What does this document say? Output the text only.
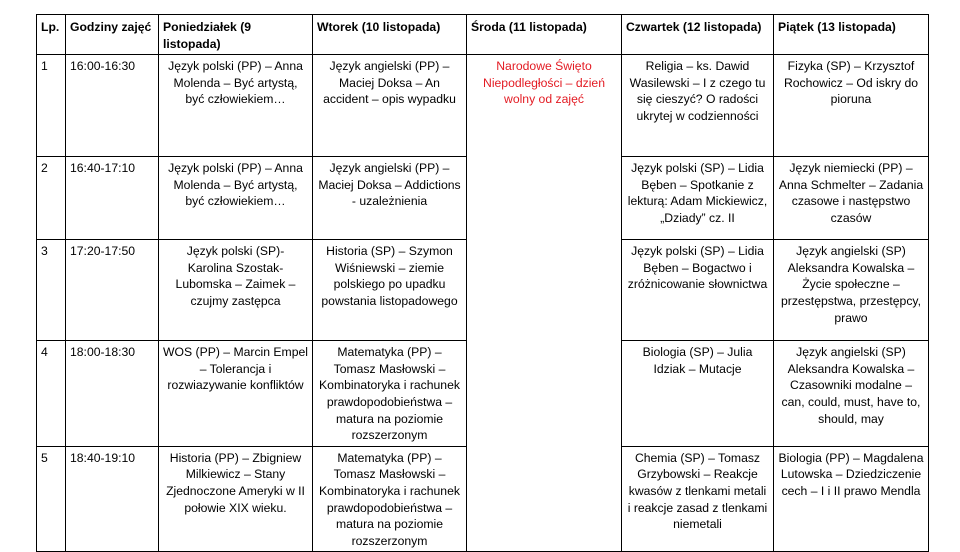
Lp.	Godziny zajęć	Poniedziałek (9 listopada)	Wtorek (10 listopada)	Środa (11 listopada)	Czwartek (12 listopada)	Piątek (13 listopada)
1	16:00-16:30	Język polski (PP) – Anna Molenda – Być artystą, być człowiekiem…	Język angielski (PP) – Maciej Doksa – An accident – opis wypadku	Narodowe Święto Niepodległości – dzień wolny od zajęć	Religia – ks. Dawid Wasilewski – I z czego tu się cieszyć? O radości ukrytej w codzienności	Fizyka (SP) – Krzysztof Rochowicz – Od iskry do pioruna
2	16:40-17:10	Język polski (PP) – Anna Molenda – Być artystą, być człowiekiem…	Język angielski (PP) – Maciej Doksa – Addictions - uzależnienia		Język polski (SP) – Lidia Bęben – Spotkanie z lekturą: Adam Mickiewicz, „Dziady” cz. II	Język niemiecki (PP) – Anna Schmelter – Zadania czasowe i następstwo czasów
3	17:20-17:50	Język polski (SP)- Karolina Szostak-Lubomska – Zaimek – czujmy zastępca	Historia (SP) – Szymon Wiśniewski – ziemie polskiego po upadku powstania listopadowego		Język polski (SP) – Lidia Bęben – Bogactwo i zróżnicowanie słownictwa	Język angielski (SP) Aleksandra Kowalska – Życie społeczne – przestępstwa, przestępcy, prawo
4	18:00-18:30	WOS (PP) – Marcin Empel – Tolerancja i rozwiazywanie konfliktów	Matematyka (PP) – Tomasz Masłowski – Kombinatoryka i rachunek prawdopodobieństwa – matura na poziomie rozszerzonym		Biologia (SP) – Julia Idziak – Mutacje	Język angielski (SP) Aleksandra Kowalska – Czasowniki modalne – can, could, must, have to, should, may
5	18:40-19:10	Historia (PP) – Zbigniew Milkiewicz – Stany Zjednoczone Ameryki w II połowie XIX wieku.	Matematyka (PP) – Tomasz Masłowski – Kombinatoryka i rachunek prawdopodobieństwa – matura na poziomie rozszerzonym		Chemia (SP) – Tomasz Grzybowski – Reakcje kwasów z tlenkami metali i reakcje zasad z tlenkami niemetali	Biologia (PP) – Magdalena Lutowska – Dziedziczenie cech – I i II prawo Mendla
